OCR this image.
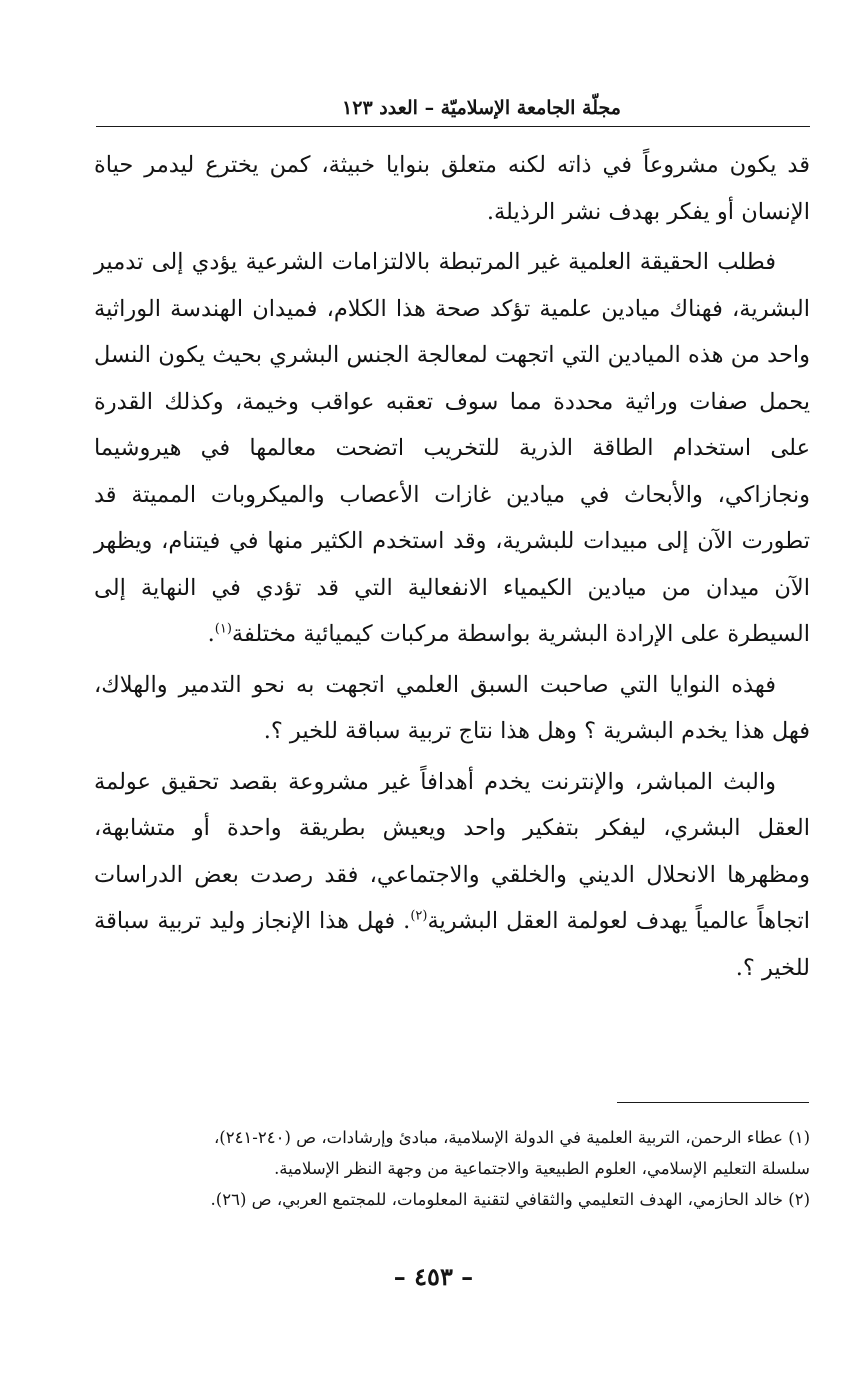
مجلّة الجامعة الإسلاميّة – العدد ١٢٣

قد يكون مشروعاً في ذاته لكنه متعلق بنوايا خبيثة، كمن يخترع ليدمر حياة الإنسان أو يفكر بهدف نشر الرذيلة.

فطلب الحقيقة العلمية غير المرتبطة بالالتزامات الشرعية يؤدي إلى تدمير البشرية، فهناك ميادين علمية تؤكد صحة هذا الكلام، فميدان الهندسة الوراثية واحد من هذه الميادين التي اتجهت لمعالجة الجنس البشري بحيث يكون النسل يحمل صفات وراثية محددة مما سوف تعقبه عواقب وخيمة، وكذلك القدرة على استخدام الطاقة الذرية للتخريب اتضحت معالمها في هيروشيما ونجازاكي، والأبحاث في ميادين غازات الأعصاب والميكروبات المميتة قد تطورت الآن إلى مبيدات للبشرية، وقد استخدم الكثير منها في فيتنام، ويظهر الآن ميدان من ميادين الكيمياء الانفعالية التي قد تؤدي في النهاية إلى السيطرة على الإرادة البشرية بواسطة مركبات كيميائية مختلفة$^{(١)}$.

فهذه النوايا التي صاحبت السبق العلمي اتجهت به نحو التدمير والهلاك، فهل هذا يخدم البشرية ؟ وهل هذا نتاج تربية سباقة للخير ؟.

والبث المباشر، والإنترنت يخدم أهدافاً غير مشروعة بقصد تحقيق عولمة العقل البشري، ليفكر بتفكير واحد ويعيش بطريقة واحدة أو متشابهة، ومظهرها الانحلال الديني والخلقي والاجتماعي، فقد رصدت بعض الدراسات اتجاهاً عالمياً يهدف لعولمة العقل البشرية$^{(٢)}$. فهل هذا الإنجاز وليد تربية سباقة للخير ؟.

(١) عطاء الرحمن، التربية العلمية في الدولة الإسلامية، مبادئ وإرشادات، ص (٢٤٠-٢٤١)،

سلسلة التعليم الإسلامي، العلوم الطبيعية والاجتماعية من وجهة النظر الإسلامية.

(٢) خالد الحازمي، الهدف التعليمي والثقافي لتقنية المعلومات، للمجتمع العربي، ص (٢٦).

– ٤٥٣ –
